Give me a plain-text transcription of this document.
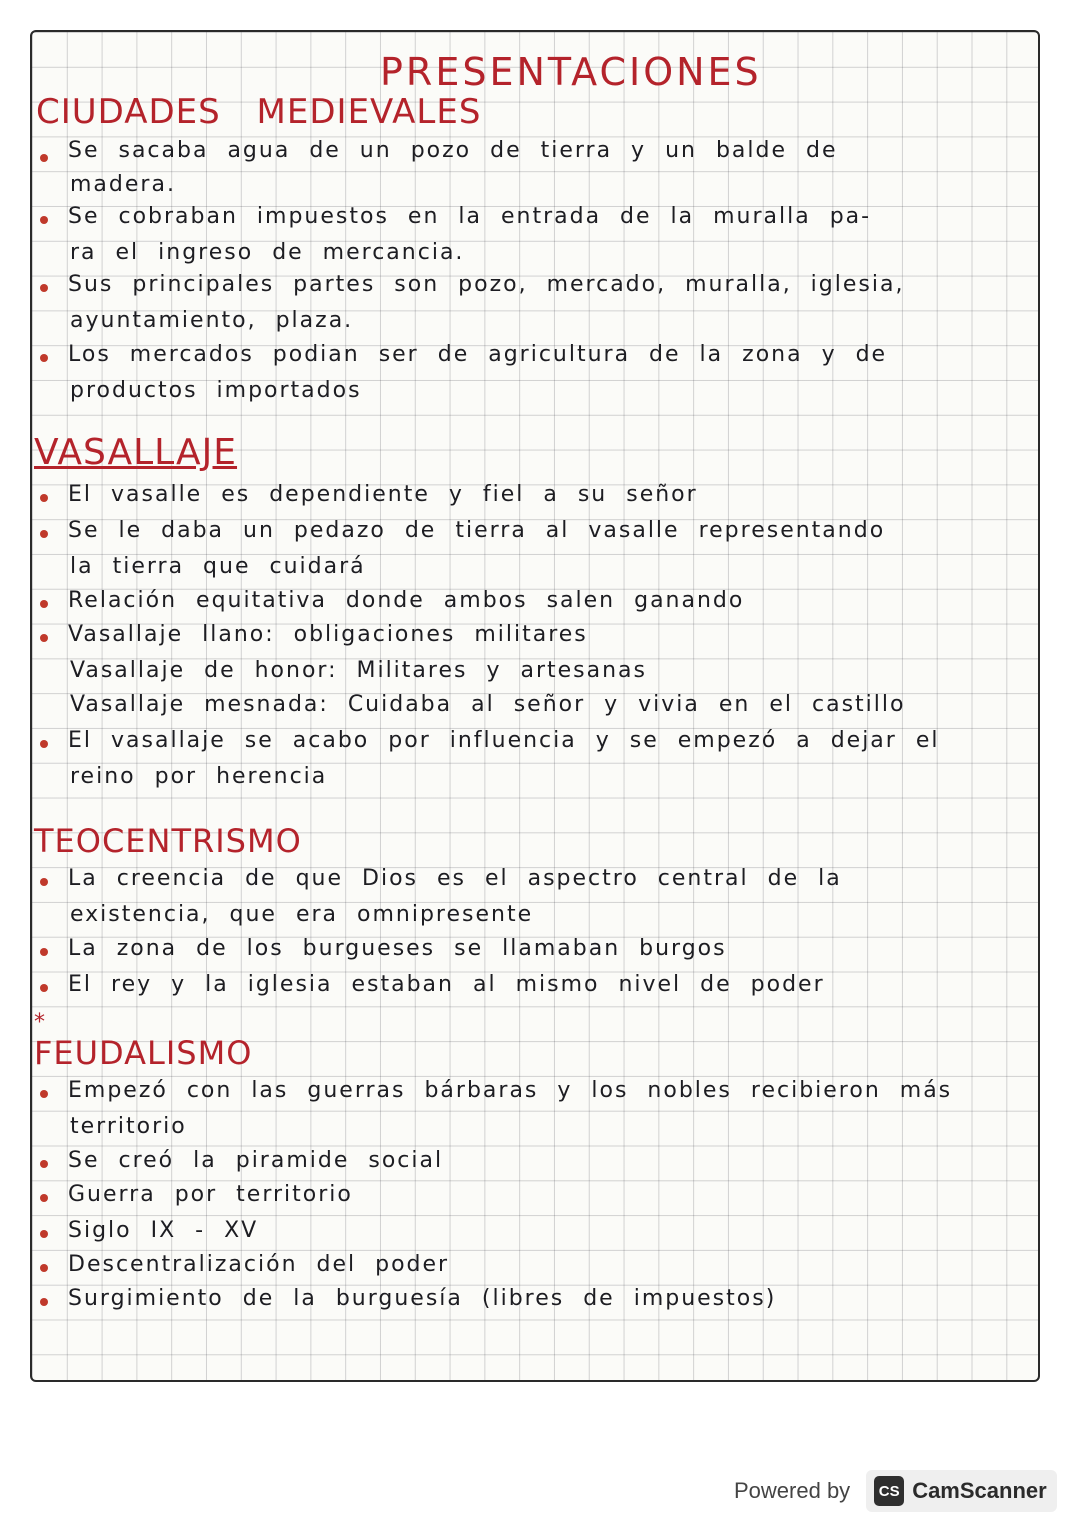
PRESENTACIONES
CIUDADES MEDIEVALES
Se sacaba agua de un pozo de tierra y un balde de
madera.
Se cobraban impuestos en la entrada de la muralla pa-
ra el ingreso de mercancia.
Sus principales partes son pozo, mercado, muralla, iglesia,
ayuntamiento, plaza.
Los mercados podian ser de agricultura de la zona y de
productos importados
VASALLAJE
El vasalle es dependiente y fiel a su señor
Se le daba un pedazo de tierra al vasalle representando
la tierra que cuidará
Relación equitativa donde ambos salen ganando
Vasallaje llano: obligaciones militares
Vasallaje de honor: Militares y artesanas
Vasallaje mesnada: Cuidaba al señor y vivia en el castillo
El vasallaje se acabo por influencia y se empezó a dejar el
reino por herencia
TEOCENTRISMO
La creencia de que Dios es el aspectro central de la
existencia, que era omnipresente
La zona de los burgueses se llamaban burgos
El rey y la iglesia estaban al mismo nivel de poder
*
FEUDALISMO
Empezó con las guerras bárbaras y los nobles recibieron más
territorio
Se creó la piramide social
Guerra por territorio
Siglo IX - XV
Descentralización del poder
Surgimiento de la burguesía (libres de impuestos)
Powered by	CS CamScanner
